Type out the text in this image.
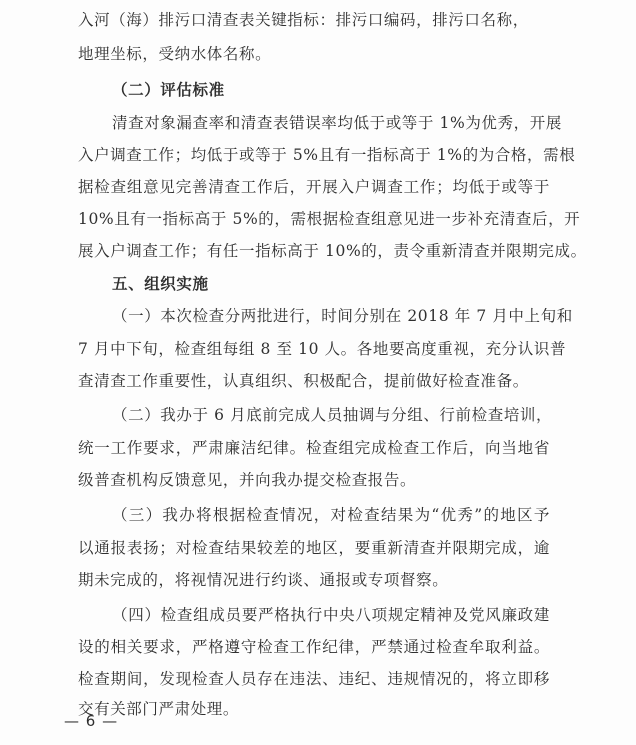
入河（海）排污口清查表关键指标：排污口编码，排污口名称，
地理坐标，受纳水体名称。
（二）评估标准
清查对象漏查率和清查表错误率均低于或等于 1%为优秀，开展
入户调查工作；均低于或等于 5%且有一指标高于 1%的为合格，需根
据检查组意见完善清查工作后，开展入户调查工作；均低于或等于
10%且有一指标高于 5%的，需根据检查组意见进一步补充清查后，开
展入户调查工作；有任一指标高于 10%的，责令重新清查并限期完成。
五、组织实施
（一）本次检查分两批进行，时间分别在 2018 年 7 月中上旬和
7 月中下旬，检查组每组 8 至 10 人。各地要高度重视，充分认识普
查清查工作重要性，认真组织、积极配合，提前做好检查准备。
（二）我办于 6 月底前完成人员抽调与分组、行前检查培训，
统一工作要求，严肃廉洁纪律。检查组完成检查工作后，向当地省
级普查机构反馈意见，并向我办提交检查报告。
（三）我办将根据检查情况，对检查结果为“优秀”的地区予
以通报表扬；对检查结果较差的地区，要重新清查并限期完成，逾
期未完成的，将视情况进行约谈、通报或专项督察。
（四）检查组成员要严格执行中央八项规定精神及党风廉政建
设的相关要求，严格遵守检查工作纪律，严禁通过检查牟取利益。
检查期间，发现检查人员存在违法、违纪、违规情况的，将立即移
交有关部门严肃处理。
— 6 —
